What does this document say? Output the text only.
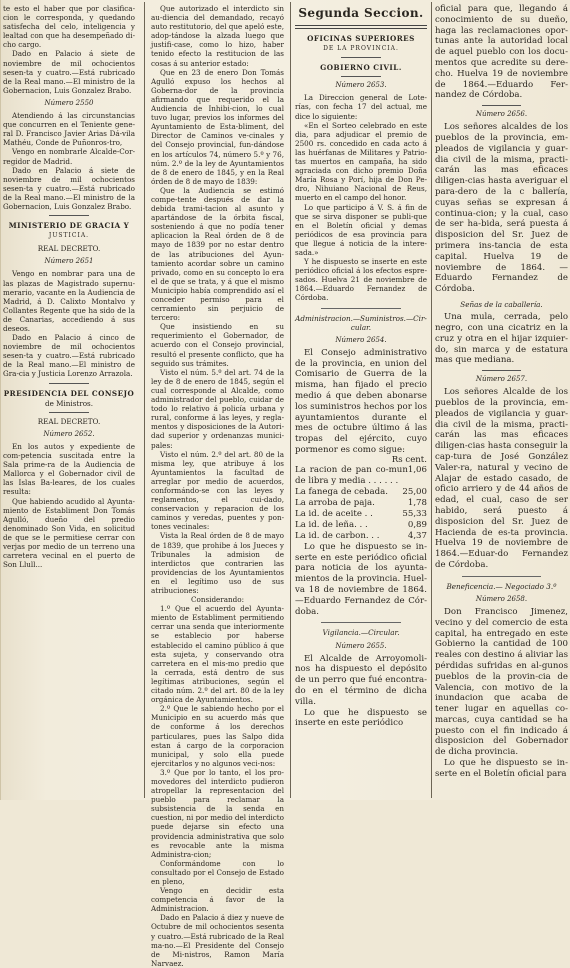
te esto el haber que por clasifica-cion le corresponda, y quedando satisfecha del celo, inteligencia y lealtad con que ha desempeñado di-cho cargo.

Dado en Palacio á siete de noviembre de mil ochocientos sesen-ta y cuatro.—Está rubricado de la Real mano.—El ministro de la Gobernacion, Luis Gonzalez Brabo.

Número 2550

Atendiendo á las circunstancias que concurren en el Teniente gene-ral D. Francisco Javier Arias Dá-vila Mathéu, Conde de Puñonros-tro,

Vengo en nombrarle Alcalde-Cor-regidor de Madrid.

Dado en Palacio á siete de noviembre de mil ochocientos sesen-ta y cuatro.—Está rubricado de la Real mano.—El ministro de la Gobernacion, Luis Gonzalez Brabo.

MINISTERIO DE GRACIA Y
JUSTICIA.
REAL DECRETO.
Número 2651

Vengo en nombrar para una de las plazas de Magistrado supernu-merario, vacante en la Audiencia de Madrid, á D. Calixto Montalvo y Collantes Regente que ha sido de la de Canarias, accediendo á sus deseos.

Dado en Palacio á cinco de noviembre de mil ochocientos sesen-ta y cuatro.—Está rubricado de la Real mano.—El ministro de Gra-cia y Justicia Lorenzo Arrazola.

PRESIDENCIA DEL CONSEJO
de Ministros.
REAL DECRETO.
Número 2652.

En los autos y expediente de com-petencia suscitada entre la Sala prime-ra de la Audiencia de Mallorca y el Gobernador civil de las Islas Ba-leares, de los cuales resulta:

Que habiendo acudido al Ayunta-miento de Establiment Don Tomás Agulló, dueño del predio denominado Son Vida, en solicitud de que se le permitiese cerrar con verjas por medio de un terreno una carretera vecinal en el puerto de Son Llull...

Que autorizado el interdicto sin au-diencia del demandado, recayó auto restitutorio, del que apeló este, adop-tándose la alzada luego que justifi-case, como lo hizo, haber tenido efecto la restitucion de las cosas á su anterior estado:

Que en 23 de enero Don Tomás Agulló expuso los hechos al Goberna-dor de la provincia afirmando que requerido el la Audiencia de Inhibi-cion, lo cual tuvo lugar, previos los informes del Ayuntamiento de Esta-bliment, del Director de Caminos ve-cinales y del Consejo provincial, fun-dándose en los artículos 74, número 5.º y 76, núm. 2.º de la ley de Ayuntamientos de 8 de enero de 1845, y en la Real órden de 8 de mayo de 1839:

Que la Audiencia se estimó compe-tente después de dar la debida trami-tacion al asunto y apartándose de la órbita fiscal, sosteniendo á que no podía tener aplicacion la Real órden de 8 de mayo de 1839 por no estar dentro de las atribuciones del Ayun-tamiento acordar sobre un camino privado, como en su concepto lo era el de que se trata, y á que el mismo Municipio había comprendido así el conceder permiso para el cerramiento sin perjuicio de tercero:

Que insistiendo en su requerimiento el Gobernador, de acuerdo con el Consejo provincial, resultó el presente conflicto, que ha seguido sus trámites.

Visto el núm. 5.º del art. 74 de la ley de 8 de enero de 1845, según el cual corresponde al Alcalde, como administrador del pueblo, cuidar de todo lo relativo á policía urbana y rural, conforme á las leyes, y regla-mentos y disposiciones de la Autori-dad superior y ordenanzas munici-pales:

Visto el núm. 2.º del art. 80 de la misma ley, que atribuye á los Ayuntamientos la facultad de arreglar por medio de acuerdos, conformándo-se con las leyes y reglamentos, el cui-dado, conservacion y reparacion de los caminos y veredas, puentes y pon-tones vecinales:

Vista la Real órden de 8 de mayo de 1839, que prohibe á los Jueces y Tribunales la admision de interdictos que contrarien las providencias de los Ayuntamientos en el legítimo uso de sus atribuciones:

Considerando:

1.º Que el acuerdo del Ayunta-miento de Establiment permitiendo cerrar una senda que interiormente se establecio por haberse establecido el camino público á que esta sujeta, y conservando otra carretera en el mis-mo predio que la cerrada, está dentro de sus legítimas atribuciones, según el citado núm. 2.º del art. 80 de la ley orgánica de Ayuntamientos.

2.º Que le sabiendo hecho por el Municipio en su acuerdo más que de conforme á los derechos particulares, pues las Salpo dida estan á cargo de la corporacion municipal, y solo ella puede ejercitarlos y no algunos veci-nos:

3.º Que por lo tanto, el los pro-movedores del interdicto pudieron atropellar la representacion del pueblo para reclamar la subsistencia de la senda en cuestion, ni por medio del interdicto puede dejarse sin efecto una providencia administrativa que solo es revocable ante la misma Administra-cion;

Conformándome con lo consultado por el Consejo de Estado en pleno,

Vengo en decidir esta competencia á favor de la Administracion.

Dado en Palacio á diez y nueve de Octubre de mil ochocientos sesenta y cuatro.—Está rubricado de la Real ma-no.—El Presidente del Consejo de Mi-nistros, Ramon María Narvaez.

Segunda Seccion.
OFICINAS SUPERIORES
DE LA PROVINCIA.
GOBIERNO CIVIL.
Número 2653.

La Direccion general de Lote-rías, con fecha 17 del actual, me dice lo siguiente:

«En el Sorteo celebrado en este dia, para adjudicar el premio de 2500 rs. concedido en cada acto á las huérfanas de Militares y Patrio-tas muertos en campaña, ha sido agraciada con dicho premio Doña María Rosa y Porí, hija de Don Pe-dro, Nihuiano Nacional de Reus, muerto en el campo del honor.

Lo que participo á V. S. á fin de que se sirva disponer se publi-que en el Boletín oficial y demas periódicos de esa provincia para que llegue á noticia de la intere-sada.»

Y he dispuesto se inserte en este periódico oficial á los efectos espre-sados. Huelva 21 de noviembre de 1864.—Eduardo Fernandez de Córdoba.

Administracion.—Suministros.—Cir-cular.
Número 2654.

El Consejo administrativo de la provincia, en union del Comisario de Guerra de la misma, han fijado el precio medio á que deben abonarse los suministros hechos por los ayuntamientos durante el mes de octubre último á las tropas del ejército, cuyo pormenor es como sigue:

Rs cent.
La racion de pan co-mun de libra y media . . . . . .
1,06
La fanega de cebada.	25,00
La arroba de paja.	1,78
La id. de aceite . .	55,33
La id. de leña. . .	0,89
La id. de carbon. . .	4,37

Lo que he dispuesto se in-serte en este periódico oficial para noticia de los ayunta-mientos de la provincia. Huel-va 18 de noviembre de 1864. —Eduardo Fernandez de Cór-doba.

Vigilancia.—Circular.
Número 2655.

El Alcalde de Arroyomoli-nos ha dispuesto el depósito de un perro que fué encontra-do en el término de dicha villa.

Lo que he dispuesto se inserte en este periódico

oficial para que, llegando á conocimiento de su dueño, haga las reclamaciones opor-tunas ante la autoridad local de aquel pueblo con los docu-mentos que acredite su dere-cho. Huelva 19 de noviembre de 1864.—Eduardo Fer-nandez de Córdoba.

Número 2656.

Los señores alcaldes de los pueblos de la provincia, em-pleados de vigilancia y guar-dia civil de la misma, practi-carán las mas eficaces diligen-cias hasta averiguar el para-dero de la c ballería, cuyas señas se expresan á continua-cion; y la cual, caso de ser ha-bida, será puesta á disposicion del Sr. Juez de primera ins-tancia de esta capital. Huelva 19 de noviembre de 1864. —Eduardo Fernandez de Córdoba.

Señas de la caballería.

Una mula, cerrada, pelo negro, con una cicatriz en la cruz y otra en el hijar izquier-do, sin marca y de estatura mas que mediana.

Número 2657.

Los señores Alcalde de los pueblos de la provincia, em-pleados de vigilancia y guar-dia civil de la misma, practi-carán las mas eficaces diligen-cias hasta conseguir la cap-tura de José González Valer-ra, natural y vecino de Alajar de estado casado, de oficio arriero y de 44 años de edad, el cual, caso de ser habido, será puesto á disposicion del Sr. Juez de Hacienda de es-ta provincia. Huelva 19 de noviembre de 1864.—Eduar-do Fernandez de Córdoba.

Beneficencia.— Negociado 3.º
Número 2658.

Don Francisco Jimenez, vecino y del comercio de esta capital, ha entregado en este Gobierno la cantidad de 100 reales con destino á aliviar las pérdidas sufridas en al-gunos pueblos de la provin-cia de Valencia, con motivo de la inundacion que acaba de tener lugar en aquellas co-marcas, cuya cantidad se ha puesto con el fin indicado á disposicion del Gobernador de dicha provincia.

Lo que he dispuesto se in-serte en el Boletín oficial para
